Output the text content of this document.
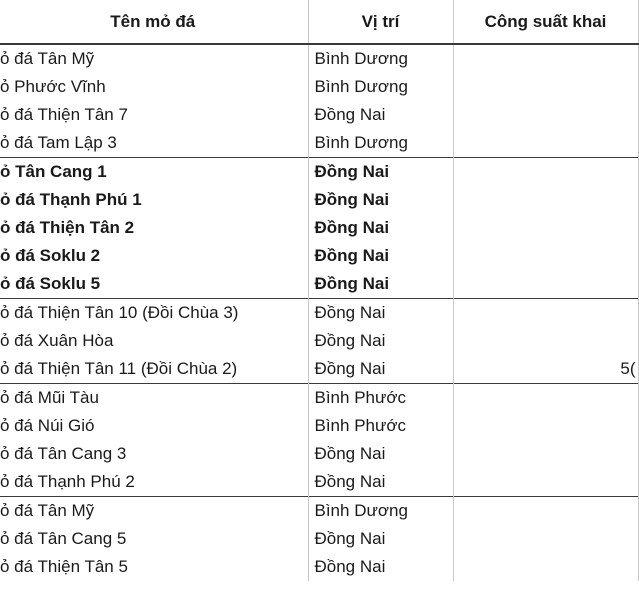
Tên mỏ đá	Vị trí	Công suất khai
ỏ đá Tân Mỹ	Bình Dương	
ỏ Phước Vĩnh	Bình Dương	
ỏ đá Thiện Tân 7	Đồng Nai	
ỏ đá Tam Lập 3	Bình Dương	
ỏ Tân Cang 1	Đồng Nai	
ỏ đá Thạnh Phú 1	Đồng Nai	
ỏ đá Thiện Tân 2	Đồng Nai	
ỏ đá Soklu 2	Đồng Nai	
ỏ đá Soklu 5	Đồng Nai	
ỏ đá Thiện Tân 10 (Đồi Chùa 3)	Đồng Nai	
ỏ đá Xuân Hòa	Đồng Nai	
ỏ đá Thiện Tân 11 (Đồi Chùa 2)	Đồng Nai	5(
ỏ đá Mũi Tàu	Bình Phước	
ỏ đá Núi Gió	Bình Phước	
ỏ đá Tân Cang 3	Đồng Nai	
ỏ đá Thạnh Phú 2	Đồng Nai	
ỏ đá Tân Mỹ	Bình Dương	
ỏ đá Tân Cang 5	Đồng Nai	
ỏ đá Thiện Tân 5	Đồng Nai	
